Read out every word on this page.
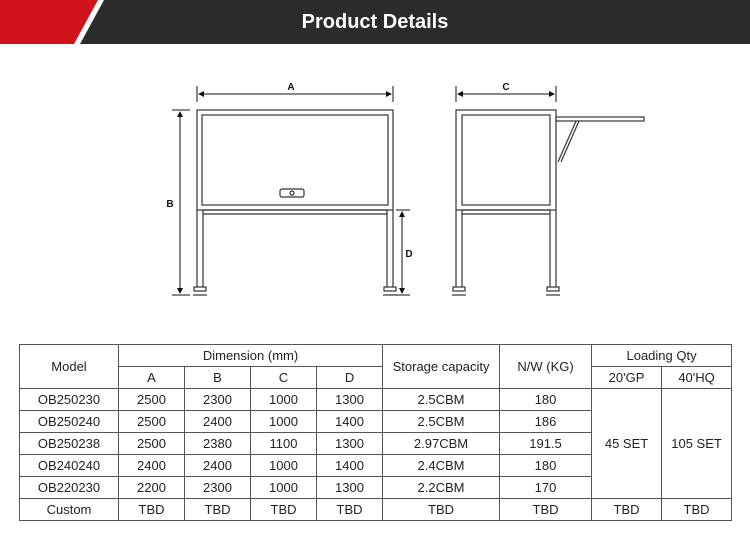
Product Details
A
B
D
C
Model	Dimension (mm)				Storage capacity	N/W (KG)	Loading Qty	
	A	B	C	D			20'GP	40'HQ
OB250230	2500	2300	1000	1300	2.5CBM	180	45 SET	105 SET
OB250240	2500	2400	1000	1400	2.5CBM	186		
OB250238	2500	2380	1100	1300	2.97CBM	191.5		
OB240240	2400	2400	1000	1400	2.4CBM	180		
OB220230	2200	2300	1000	1300	2.2CBM	170		
Custom	TBD	TBD	TBD	TBD	TBD	TBD	TBD	TBD
